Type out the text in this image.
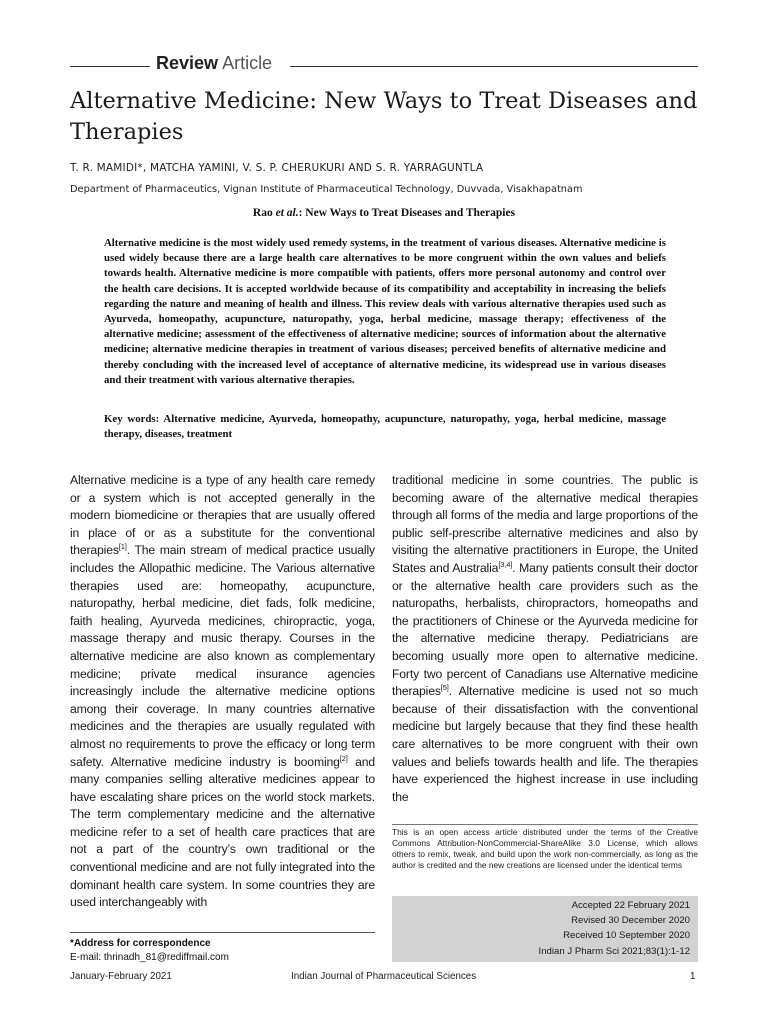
Review Article
Alternative Medicine: New Ways to Treat Diseases and Therapies
T. R. MAMIDI*, MATCHA YAMINI, V. S. P. CHERUKURI AND S. R. YARRAGUNTLA
Department of Pharmaceutics, Vignan Institute of Pharmaceutical Technology, Duvvada, Visakhapatnam
Rao et al.: New Ways to Treat Diseases and Therapies
Alternative medicine is the most widely used remedy systems, in the treatment of various diseases. Alternative medicine is used widely because there are a large health care alternatives to be more congruent within the own values and beliefs towards health. Alternative medicine is more compatible with patients, offers more personal autonomy and control over the health care decisions. It is accepted worldwide because of its compatibility and acceptability in increasing the beliefs regarding the nature and meaning of health and illness. This review deals with various alternative therapies used such as Ayurveda, homeopathy, acupuncture, naturopathy, yoga, herbal medicine, massage therapy; effectiveness of the alternative medicine; assessment of the effectiveness of alternative medicine; sources of information about the alternative medicine; alternative medicine therapies in treatment of various diseases; perceived benefits of alternative medicine and thereby concluding with the increased level of acceptance of alternative medicine, its widespread use in various diseases and their treatment with various alternative therapies.
Key words: Alternative medicine, Ayurveda, homeopathy, acupuncture, naturopathy, yoga, herbal medicine, massage therapy, diseases, treatment
Alternative medicine is a type of any health care remedy or a system which is not accepted generally in the modern biomedicine or therapies that are usually offered in place of or as a substitute for the conventional therapies[1]. The main stream of medical practice usually includes the Allopathic medicine. The Various alternative therapies used are: homeopathy, acupuncture, naturopathy, herbal medicine, diet fads, folk medicine, faith healing, Ayurveda medicines, chiropractic, yoga, massage therapy and music therapy. Courses in the alternative medicine are also known as complementary medicine; private medical insurance agencies increasingly include the alternative medicine options among their coverage. In many countries alternative medicines and the therapies are usually regulated with almost no requirements to prove the efficacy or long term safety. Alternative medicine industry is booming[2] and many companies selling alterative medicines appear to have escalating share prices on the world stock markets. The term complementary medicine and the alternative medicine refer to a set of health care practices that are not a part of the country’s own traditional or the conventional medicine and are not fully integrated into the dominant health care system. In some countries they are used interchangeably with
traditional medicine in some countries. The public is becoming aware of the alternative medical therapies through all forms of the media and large proportions of the public self-prescribe alternative medicines and also by visiting the alternative practitioners in Europe, the United States and Australia[3,4]. Many patients consult their doctor or the alternative health care providers such as the naturopaths, herbalists, chiropractors, homeopaths and the practitioners of Chinese or the Ayurveda medicine for the alternative medicine therapy. Pediatricians are becoming usually more open to alternative medicine. Forty two percent of Canadians use Alternative medicine therapies[5]. Alternative medicine is used not so much because of their dissatisfaction with the conventional medicine but largely because that they find these health care alternatives to be more congruent with their own values and beliefs towards health and life. The therapies have experienced the highest increase in use including the
This is an open access article distributed under the terms of the Creative Commons Attribution-NonCommercial-ShareAlike 3.0 License, which allows others to remix, tweak, and build upon the work non-commercially, as long as the author is credited and the new creations are licensed under the identical terms
Accepted 22 February 2021
Revised 30 December 2020
Received 10 September 2020
Indian J Pharm Sci 2021;83(1):1-12
*Address for correspondence
E-mail: thrinadh_81@rediffmail.com
January-February 2021	Indian Journal of Pharmaceutical Sciences	1
